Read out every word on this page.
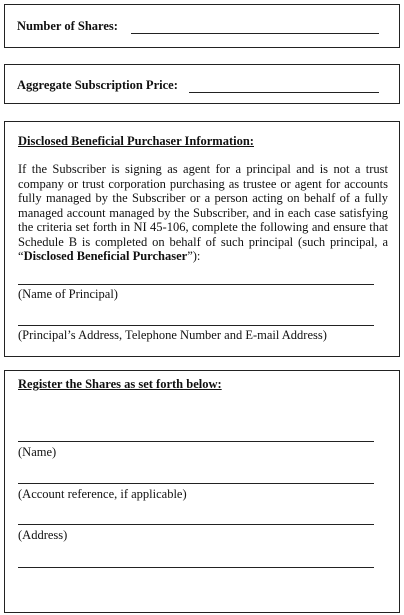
Number of Shares:
Aggregate Subscription Price:
Disclosed Beneficial Purchaser Information:
If the Subscriber is signing as agent for a principal and is not a trust company or trust corporation purchasing as trustee or agent for accounts fully managed by the Subscriber or a person acting on behalf of a fully managed account managed by the Subscriber, and in each case satisfying the criteria set forth in NI 45-106, complete the following and ensure that Schedule B is completed on behalf of such principal (such principal, a “Disclosed Beneficial Purchaser”):
(Name of Principal)
(Principal’s Address, Telephone Number and E-mail Address)
Register the Shares as set forth below:
(Name)
(Account reference, if applicable)
(Address)
